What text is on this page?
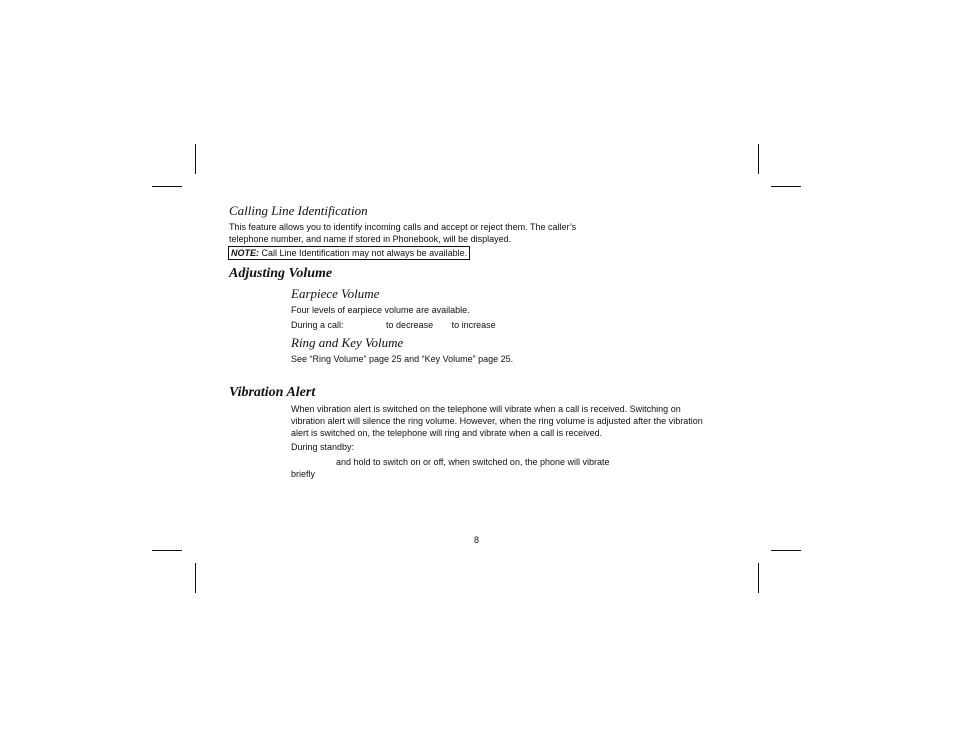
Calling Line Identification

This feature allows you to identify incoming calls and accept or reject them. The caller’s telephone number, and name if stored in Phonebook, will be displayed.

NOTE: Call Line Identification may not always be available.
Adjusting Volume
Earpiece Volume

Four levels of earpiece volume are available.

During a call:	to decrease to increase

Ring and Key Volume

See “Ring Volume” page 25 and “Key Volume” page 25.

Vibration Alert

When vibration alert is switched on the telephone will vibrate when a call is received. Switching on vibration alert will silence the ring volume. However, when the ring volume is adjusted after the vibration alert is switched on, the telephone will ring and vibrate when a call is received.

During standby:

and hold to switch on or off, when switched on, the phone will vibrate briefly

8
